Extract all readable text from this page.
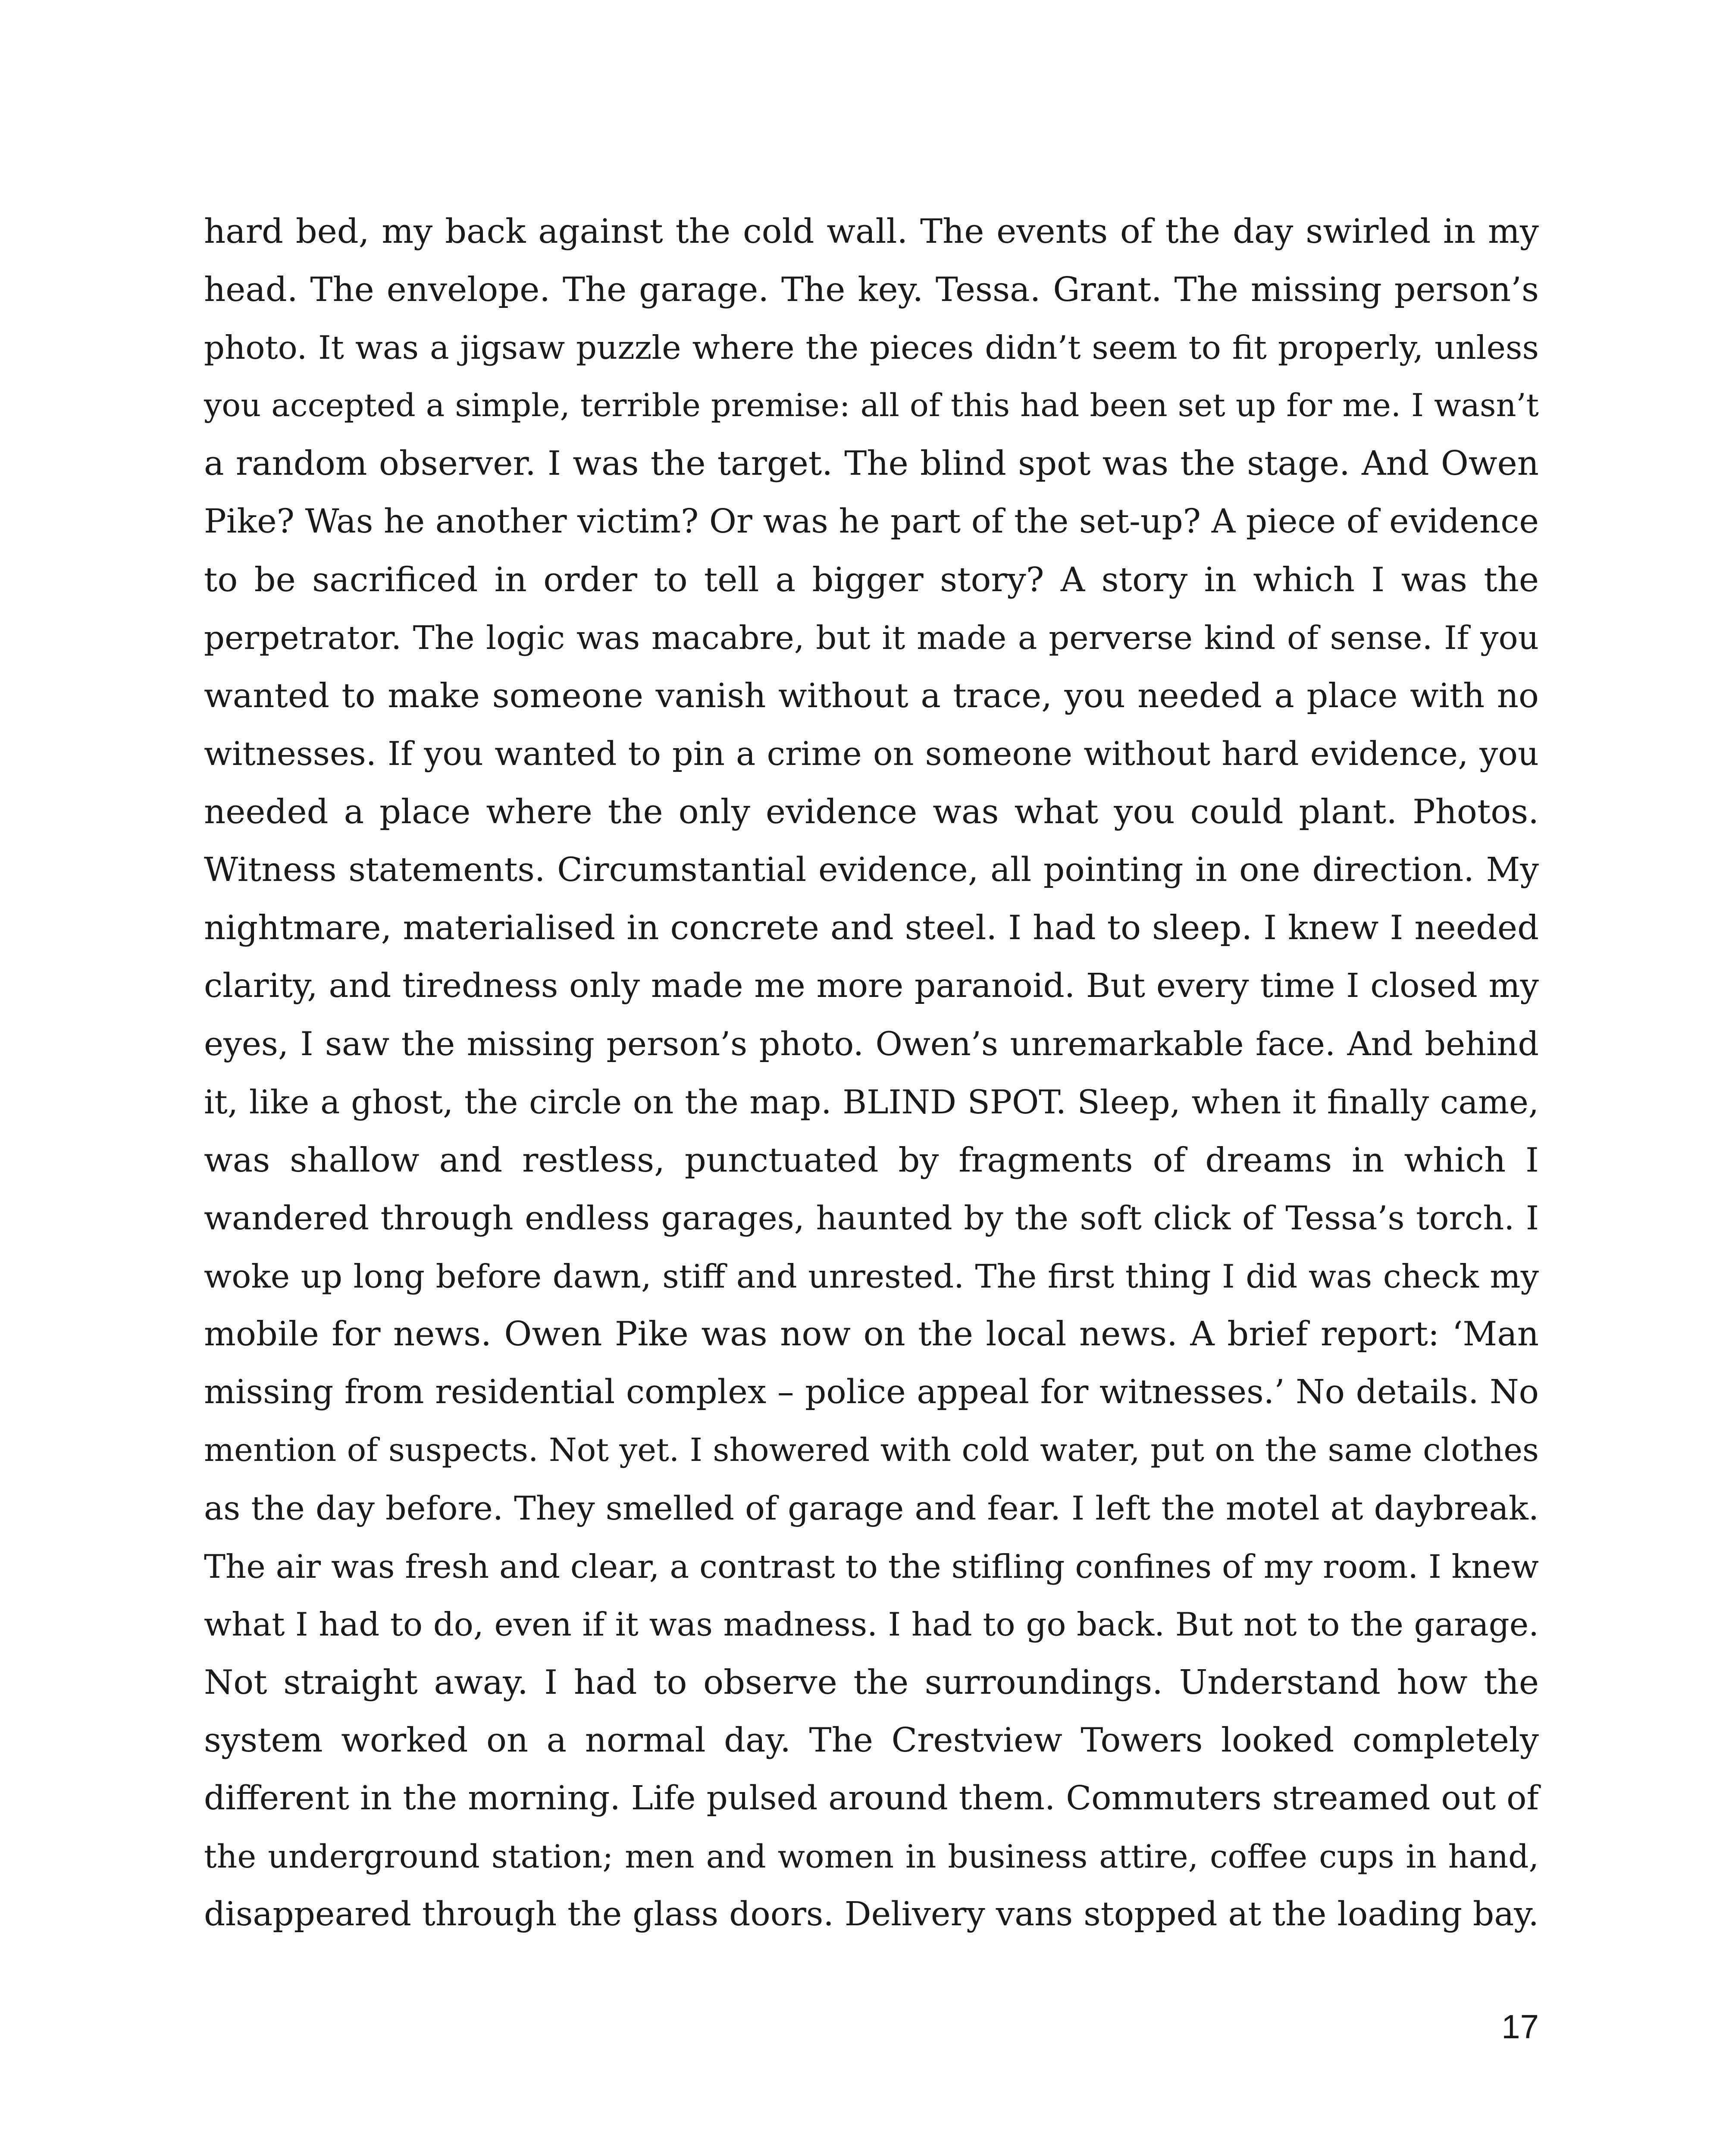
hard bed, my back against the cold wall. The events of the day swirled in my
head. The envelope. The garage. The key. Tessa. Grant. The missing person’s
photo. It was a jigsaw puzzle where the pieces didn’t seem to fit properly, unless
you accepted a simple, terrible premise: all of this had been set up for me. I wasn’t
a random observer. I was the target. The blind spot was the stage. And Owen
Pike? Was he another victim? Or was he part of the set-up? A piece of evidence
to be sacrificed in order to tell a bigger story? A story in which I was the
perpetrator. The logic was macabre, but it made a perverse kind of sense. If you
wanted to make someone vanish without a trace, you needed a place with no
witnesses. If you wanted to pin a crime on someone without hard evidence, you
needed a place where the only evidence was what you could plant. Photos.
Witness statements. Circumstantial evidence, all pointing in one direction. My
nightmare, materialised in concrete and steel. I had to sleep. I knew I needed
clarity, and tiredness only made me more paranoid. But every time I closed my
eyes, I saw the missing person’s photo. Owen’s unremarkable face. And behind
it, like a ghost, the circle on the map. BLIND SPOT. Sleep, when it finally came,
was shallow and restless, punctuated by fragments of dreams in which I
wandered through endless garages, haunted by the soft click of Tessa’s torch. I
woke up long before dawn, stiff and unrested. The first thing I did was check my
mobile for news. Owen Pike was now on the local news. A brief report: ‘Man
missing from residential complex – police appeal for witnesses.’ No details. No
mention of suspects. Not yet. I showered with cold water, put on the same clothes
as the day before. They smelled of garage and fear. I left the motel at daybreak.
The air was fresh and clear, a contrast to the stifling confines of my room. I knew
what I had to do, even if it was madness. I had to go back. But not to the garage.
Not straight away. I had to observe the surroundings. Understand how the
system worked on a normal day. The Crestview Towers looked completely
different in the morning. Life pulsed around them. Commuters streamed out of
the underground station; men and women in business attire, coffee cups in hand,
disappeared through the glass doors. Delivery vans stopped at the loading bay.
17
